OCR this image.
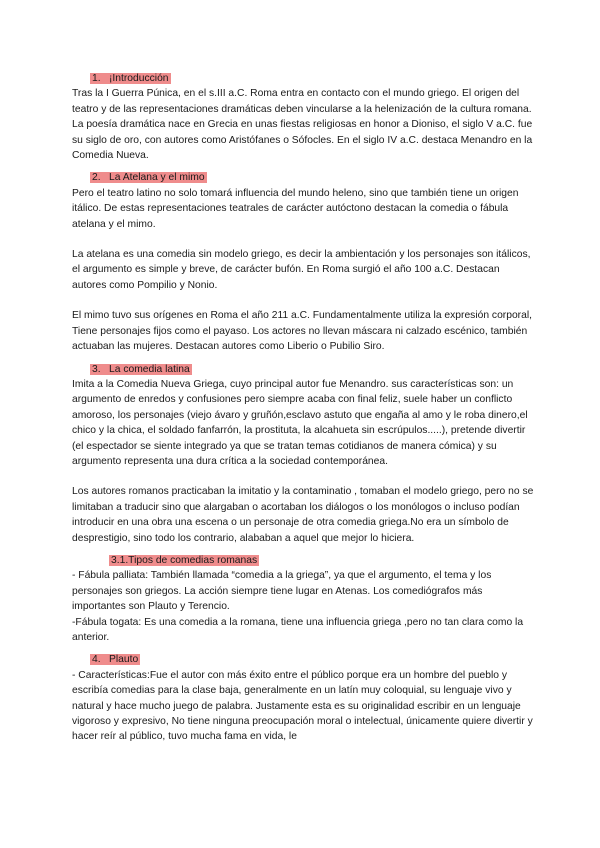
1. ¡Introducción

Tras la I Guerra Púnica, en el s.III a.C. Roma entra en contacto con el mundo griego. El origen del teatro y de las representaciones dramáticas deben vincularse a la helenización de la cultura romana. La poesía dramática nace en Grecia en unas fiestas religiosas en honor a Dioniso, el siglo V a.C. fue su siglo de oro, con autores como Aristófanes o Sófocles. En el siglo IV a.C. destaca Menandro en la Comedia Nueva.

2. La Atelana y el mimo

Pero el teatro latino no solo tomará influencia del mundo heleno, sino que también tiene un origen itálico. De estas representaciones teatrales de carácter autóctono destacan la comedia o fábula atelana y el mimo.

La atelana es una comedia sin modelo griego, es decir la ambientación y los personajes son itálicos, el argumento es simple y breve, de carácter bufón. En Roma surgió el año 100 a.C. Destacan autores como Pompilio y Nonio.

El mimo tuvo sus orígenes en Roma el año 211 a.C. Fundamentalmente utiliza la expresión corporal, Tiene personajes fijos como el payaso. Los actores no llevan máscara ni calzado escénico, también actuaban las mujeres. Destacan autores como Liberio o Pubilio Siro.

3. La comedia latina

Imita a la Comedia Nueva Griega, cuyo principal autor fue Menandro. sus características son: un argumento de enredos y confusiones pero siempre acaba con final feliz, suele haber un conflicto amoroso, los personajes (viejo ávaro y gruñón,esclavo astuto que engaña al amo y le roba dinero,el chico y la chica, el soldado fanfarrón, la prostituta, la alcahueta sin escrúpulos.....), pretende divertir (el espectador se siente integrado ya que se tratan temas cotidianos de manera cómica) y su argumento representa una dura crítica a la sociedad contemporánea.

Los autores romanos practicaban la imitatio y la contaminatio , tomaban el modelo griego, pero no se limitaban a traducir sino que alargaban o acortaban los diálogos o los monólogos o incluso podían introducir en una obra una escena o un personaje de otra comedia griega.No era un símbolo de desprestigio, sino todo los contrario, alababan a aquel que mejor lo hiciera.

3.1.Tipos de comedias romanas

- Fábula palliata: También llamada “comedia a la griega”, ya que el argumento, el tema y los personajes son griegos. La acción siempre tiene lugar en Atenas. Los comediógrafos más importantes son Plauto y Terencio.

-Fábula togata: Es una comedia a la romana, tiene una influencia griega ,pero no tan clara como la anterior.

4. Plauto

- Características:Fue el autor con más éxito entre el público porque era un hombre del pueblo y escribía comedias para la clase baja, generalmente en un latín muy coloquial, su lenguaje vivo y natural y hace mucho juego de palabra. Justamente esta es su originalidad escribir en un lenguaje vigoroso y expresivo, No tiene ninguna preocupación moral o intelectual, únicamente quiere divertir y hacer reír al público, tuvo mucha fama en vida, le
